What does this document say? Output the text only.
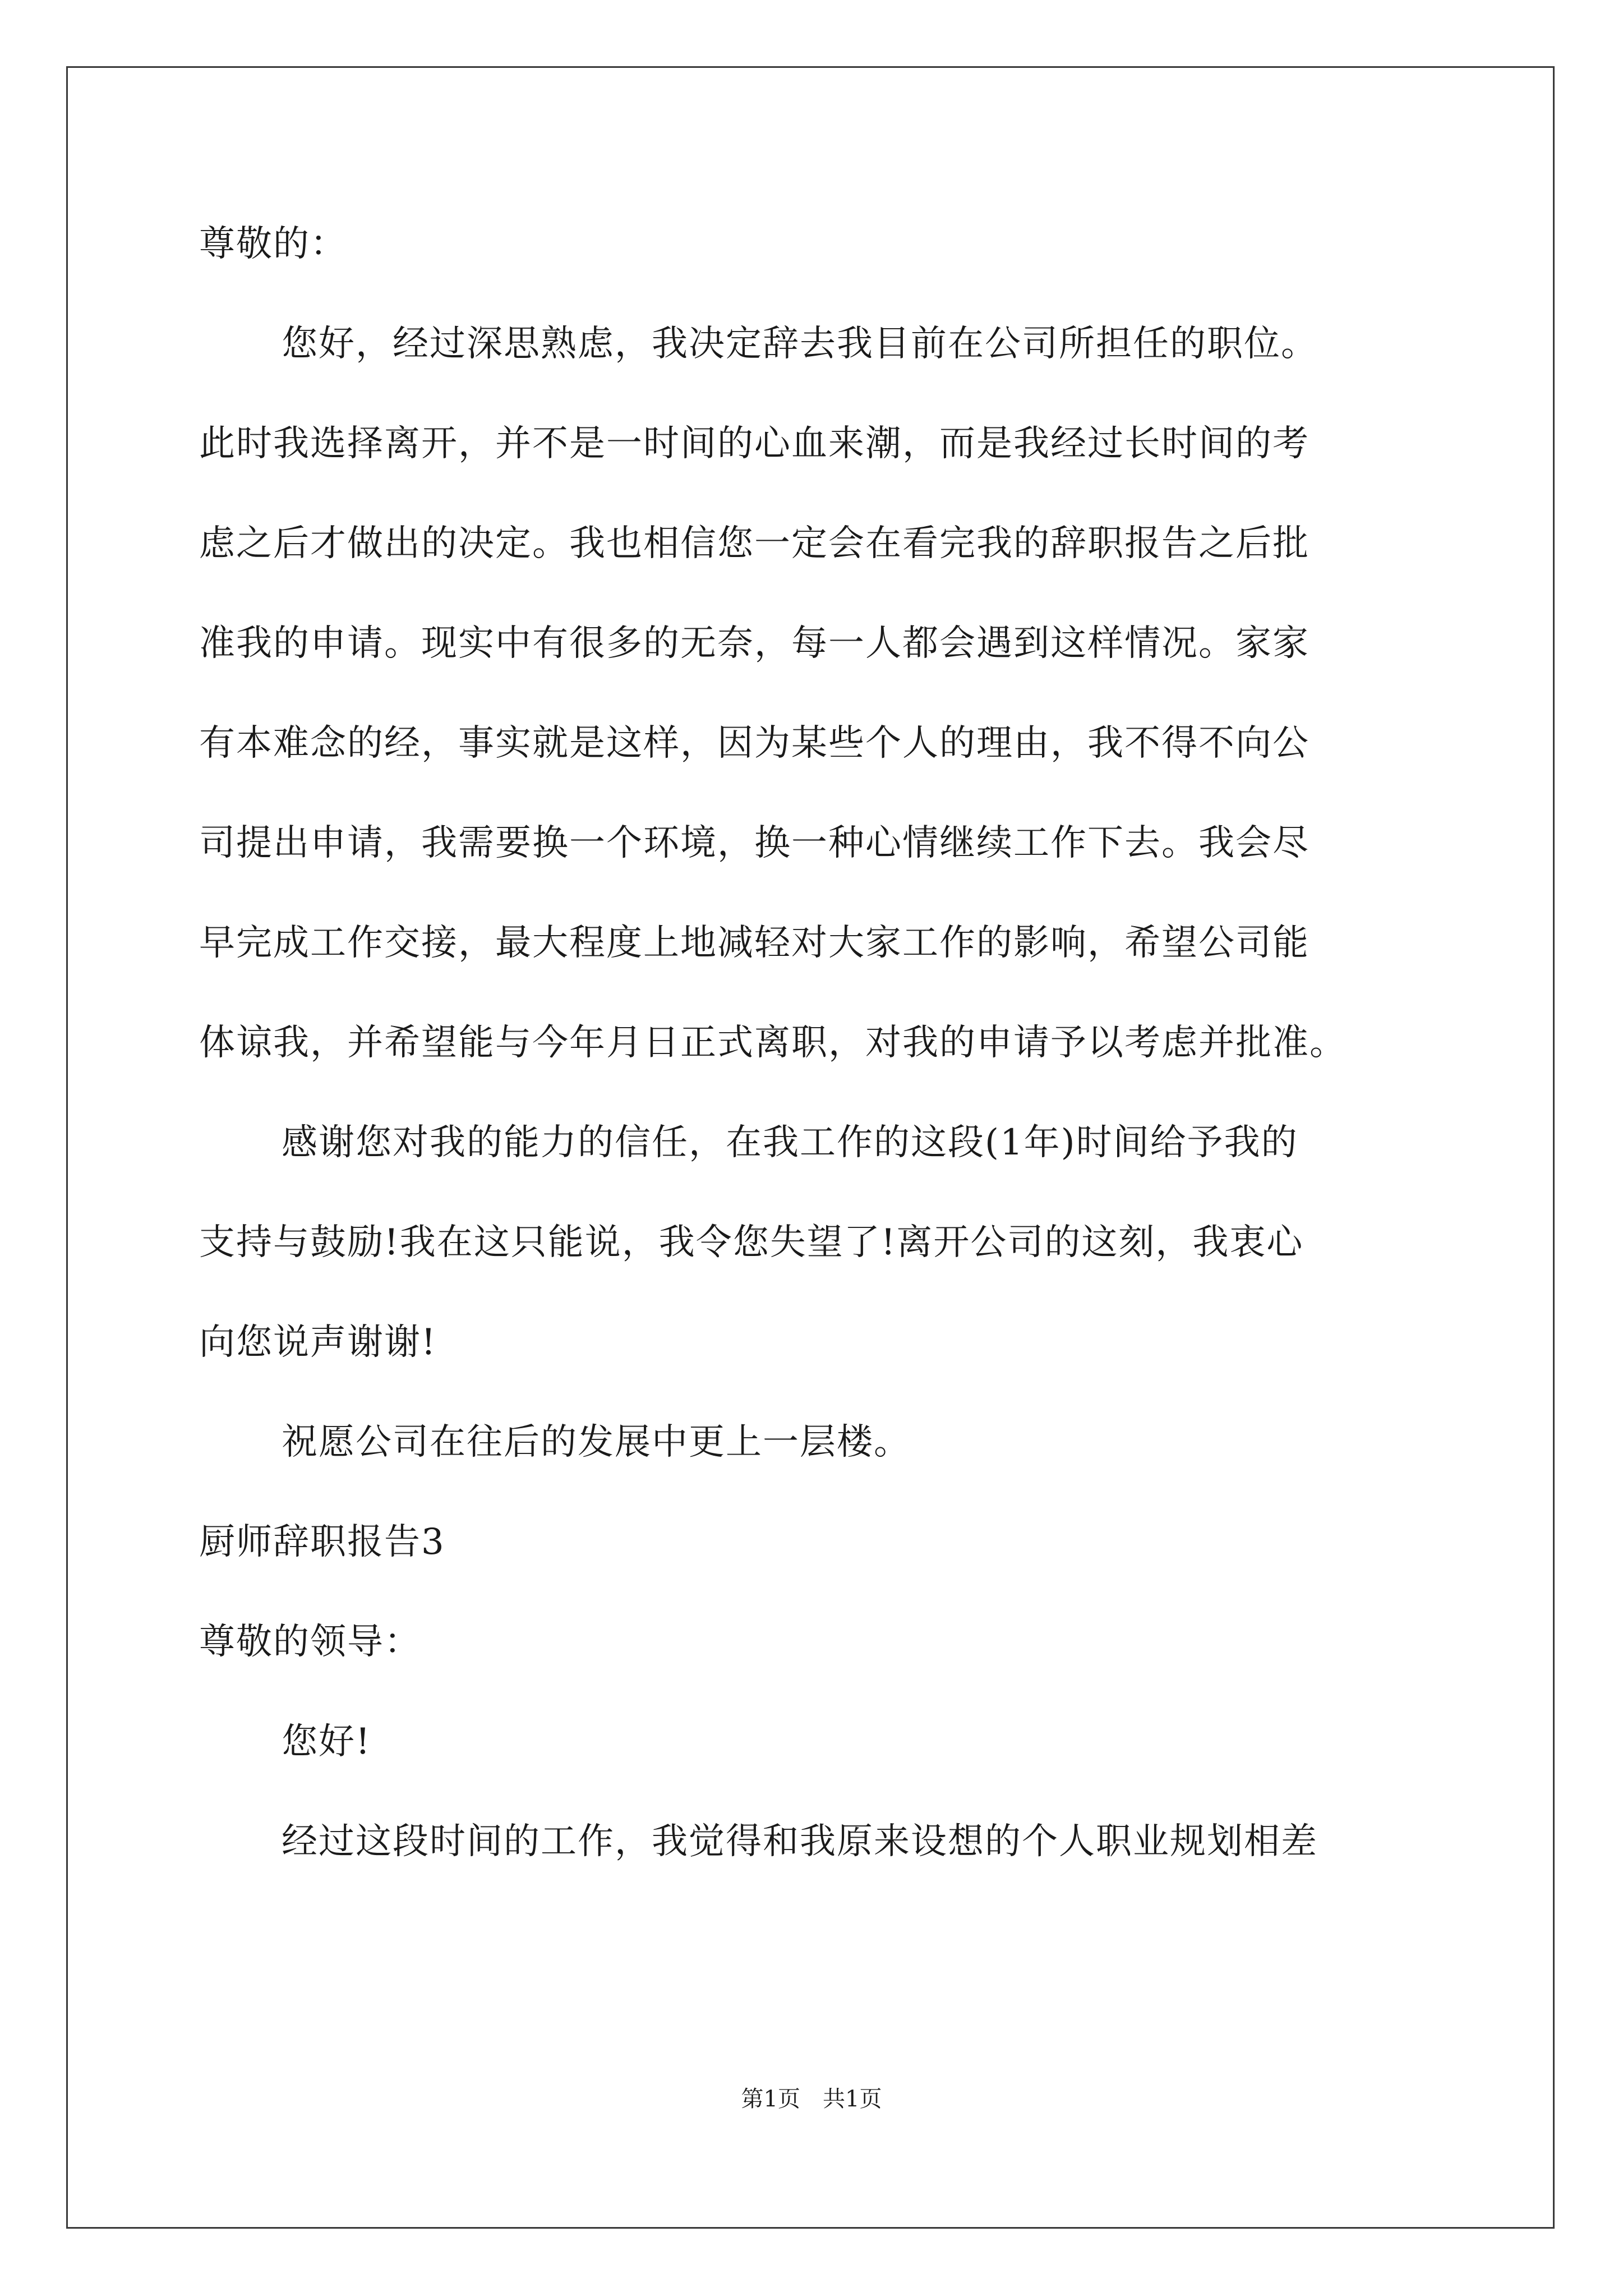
尊敬的：
您好，经过深思熟虑，我决定辞去我目前在公司所担任的职位。
此时我选择离开，并不是一时间的心血来潮，而是我经过长时间的考
虑之后才做出的决定。我也相信您一定会在看完我的辞职报告之后批
准我的申请。现实中有很多的无奈，每一人都会遇到这样情况。家家
有本难念的经，事实就是这样，因为某些个人的理由，我不得不向公
司提出申请，我需要换一个环境，换一种心情继续工作下去。我会尽
早完成工作交接，最大程度上地减轻对大家工作的影响，希望公司能
体谅我，并希望能与今年月日正式离职，对我的申请予以考虑并批准。
感谢您对我的能力的信任，在我工作的这段(1年)时间给予我的
支持与鼓励!我在这只能说，我令您失望了!离开公司的这刻，我衷心
向您说声谢谢!
祝愿公司在往后的发展中更上一层楼。
厨师辞职报告3
尊敬的领导：
您好!
经过这段时间的工作，我觉得和我原来设想的个人职业规划相差
第1页 共1页
